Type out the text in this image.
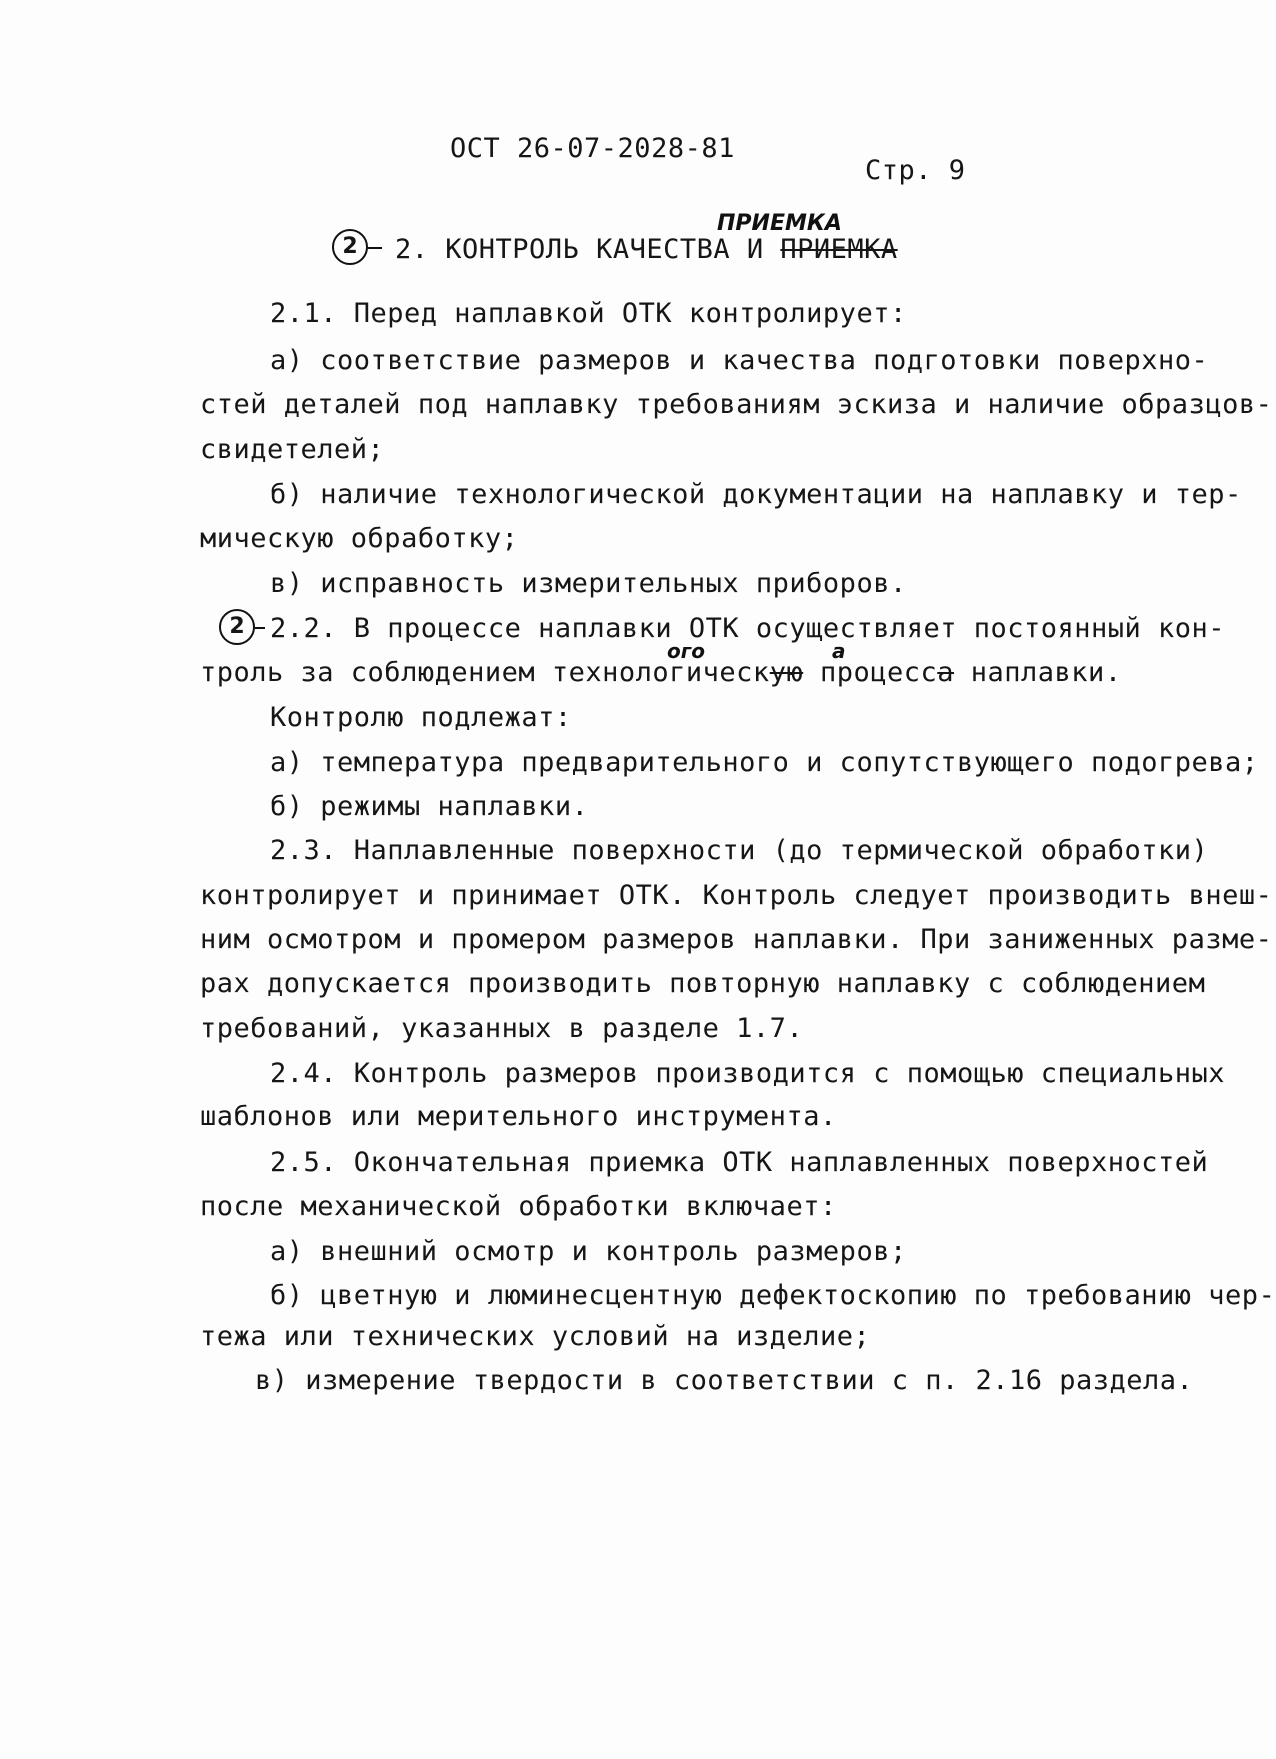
ОСТ 26-07-2028-81
Стр. 9
2
ПРИЕМКА
2. КОНТРОЛЬ КАЧЕСТВА И ПРИЕМКА
2.1. Перед наплавкой ОТК контролирует:
а) соответствие размеров и качества подготовки поверхно-
стей деталей под наплавку требованиям эскиза и наличие образцов-
свидетелей;
б) наличие технологической документации на наплавку и тер-
мическую обработку;
в) исправность измерительных приборов.
2 2.2. В процессе наплавки ОТК осуществляет постоянный кон-
ого	а
троль за соблюдением технологическую процесса наплавки.
Контролю подлежат:
а) температура предварительного и сопутствующего подогрева;
б) режимы наплавки.
2.3. Наплавленные поверхности (до термической обработки)
контролирует и принимает ОТК. Контроль следует производить внеш-
ним осмотром и промером размеров наплавки. При заниженных разме-
рах допускается производить повторную наплавку с соблюдением
требований, указанных в разделе 1.7.
2.4. Контроль размеров производится с помощью специальных
шаблонов или мерительного инструмента.
2.5. Окончательная приемка ОТК наплавленных поверхностей
после механической обработки включает:
а) внешний осмотр и контроль размеров;
б) цветную и люминесцентную дефектоскопию по требованию чер-
тежа или технических условий на изделие;
в) измерение твердости в соответствии с п. 2.16 раздела.
